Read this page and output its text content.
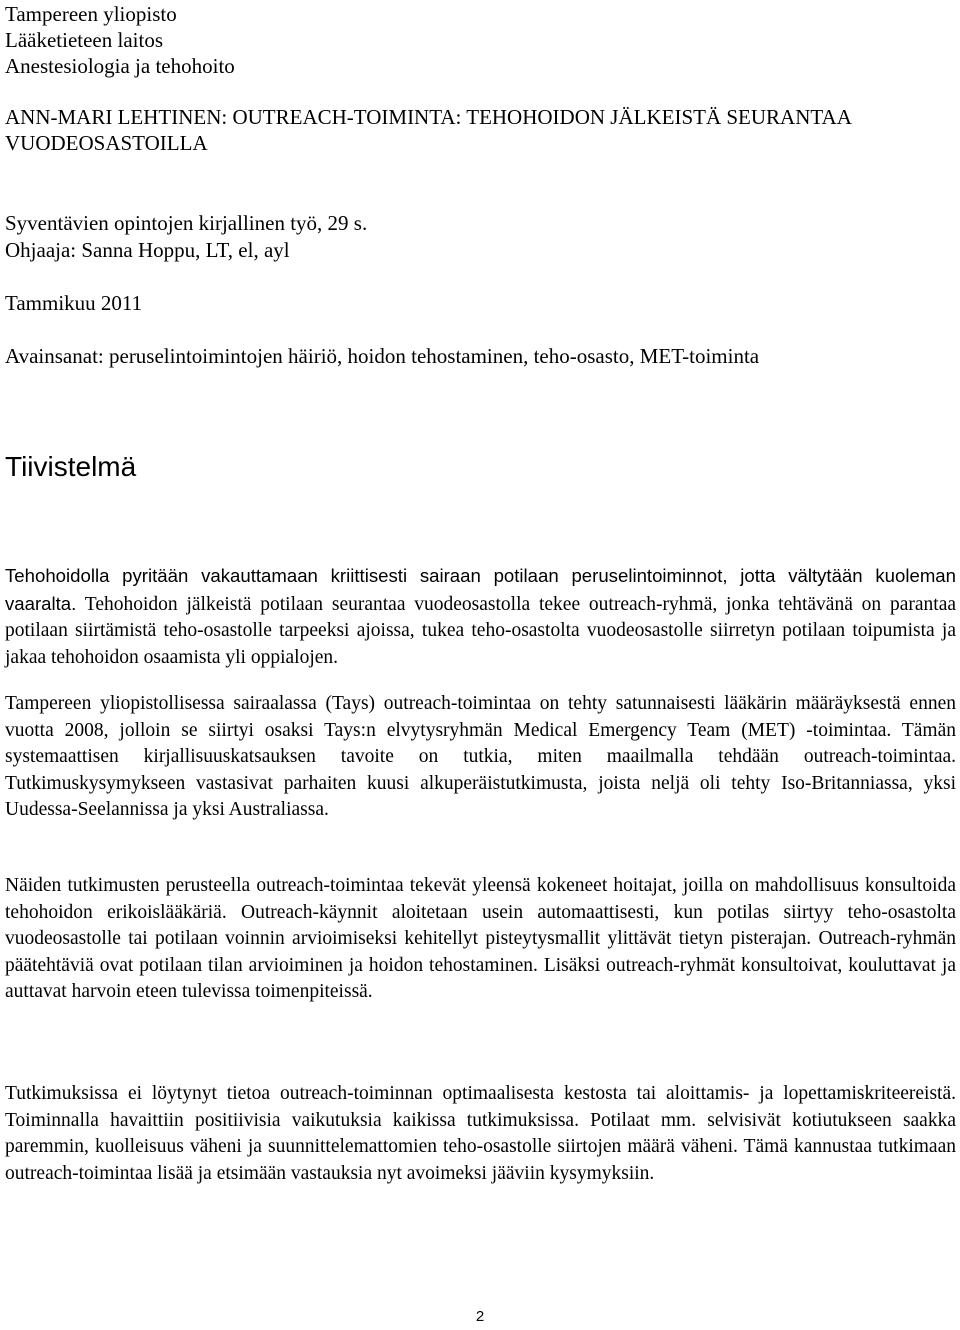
Tampereen yliopisto
Lääketieteen laitos
Anestesiologia ja tehohoito
ANN-MARI LEHTINEN: OUTREACH-TOIMINTA: TEHOHOIDON JÄLKEISTÄ SEURANTAA
VUODEOSASTOILLA
Syventävien opintojen kirjallinen työ, 29 s.
Ohjaaja: Sanna Hoppu, LT, el, ayl
Tammikuu 2011
Avainsanat: peruselintoimintojen häiriö, hoidon tehostaminen, teho-osasto, MET-toiminta
Tiivistelmä

Tehohoidolla pyritään vakauttamaan kriittisesti sairaan potilaan peruselintoiminnot, jotta vältytään kuoleman vaaralta. Tehohoidon jälkeistä potilaan seurantaa vuodeosastolla tekee outreach-ryhmä, jonka tehtävänä on parantaa potilaan siirtämistä teho-osastolle tarpeeksi ajoissa, tukea teho-osastolta vuodeosastolle siirretyn potilaan toipumista ja jakaa tehohoidon osaamista yli oppialojen.

Tampereen yliopistollisessa sairaalassa (Tays) outreach-toimintaa on tehty satunnaisesti lääkärin määräyksestä ennen vuotta 2008, jolloin se siirtyi osaksi Tays:n elvytysryhmän Medical Emergency Team (MET) -toimintaa. Tämän systemaattisen kirjallisuuskatsauksen tavoite on tutkia, miten maailmalla tehdään outreach-toimintaa. Tutkimuskysymykseen vastasivat parhaiten kuusi alkuperäistutkimusta, joista neljä oli tehty Iso-Britanniassa, yksi Uudessa-Seelannissa ja yksi Australiassa.

Näiden tutkimusten perusteella outreach-toimintaa tekevät yleensä kokeneet hoitajat, joilla on mahdollisuus konsultoida tehohoidon erikoislääkäriä. Outreach-käynnit aloitetaan usein automaattisesti, kun potilas siirtyy teho-osastolta vuodeosastolle tai potilaan voinnin arvioimiseksi kehitellyt pisteytysmallit ylittävät tietyn pisterajan. Outreach-ryhmän päätehtäviä ovat potilaan tilan arvioiminen ja hoidon tehostaminen. Lisäksi outreach-ryhmät konsultoivat, kouluttavat ja auttavat harvoin eteen tulevissa toimenpiteissä.

Tutkimuksissa ei löytynyt tietoa outreach-toiminnan optimaalisesta kestosta tai aloittamis- ja lopettamiskriteereistä. Toiminnalla havaittiin positiivisia vaikutuksia kaikissa tutkimuksissa. Potilaat mm. selvisivät kotiutukseen saakka paremmin, kuolleisuus väheni ja suunnittelemattomien teho-osastolle siirtojen määrä väheni. Tämä kannustaa tutkimaan outreach-toimintaa lisää ja etsimään vastauksia nyt avoimeksi jääviin kysymyksiin.

2
